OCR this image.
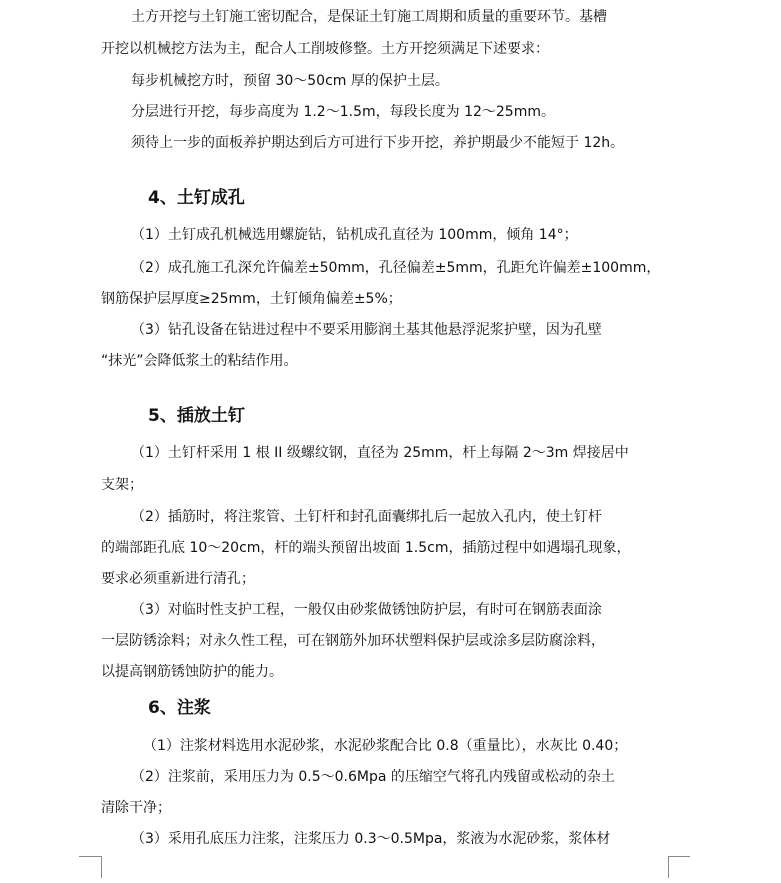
土方开挖与土钉施工密切配合，是保证土钉施工周期和质量的重要环节。基槽
开挖以机械挖方法为主，配合人工削坡修整。土方开挖须满足下述要求：
每步机械挖方时，预留 30～50cm 厚的保护土层。
分层进行开挖，每步高度为 1.2～1.5m，每段长度为 12～25mm。
须待上一步的面板养护期达到后方可进行下步开挖，养护期最少不能短于 12h。
4、土钉成孔
（1）土钉成孔机械选用螺旋钻，钻机成孔直径为 100mm，倾角 14°；
（2）成孔施工孔深允许偏差±50mm，孔径偏差±5mm，孔距允许偏差±100mm，
钢筋保护层厚度≥25mm，土钉倾角偏差±5%；
（3）钻孔设备在钻进过程中不要采用膨润土基其他悬浮泥浆护壁，因为孔壁
“抹光”会降低浆土的粘结作用。
5、插放土钉
（1）土钉杆采用 1 根 II 级螺纹钢，直径为 25mm，杆上每隔 2～3m 焊接居中
支架；
（2）插筋时，将注浆管、土钉杆和封孔面囊绑扎后一起放入孔内，使土钉杆
的端部距孔底 10～20cm，杆的端头预留出坡面 1.5cm，插筋过程中如遇塌孔现象，
要求必须重新进行清孔；
（3）对临时性支护工程，一般仅由砂浆做锈蚀防护层，有时可在钢筋表面涂
一层防锈涂料；对永久性工程，可在钢筋外加环状塑料保护层或涂多层防腐涂料，
以提高钢筋锈蚀防护的能力。
6、注浆
（1）注浆材料选用水泥砂浆，水泥砂浆配合比 0.8（重量比），水灰比 0.40；
（2）注浆前，采用压力为 0.5～0.6Mpa 的压缩空气将孔内残留或松动的杂土
清除干净；
（3）采用孔底压力注浆，注浆压力 0.3～0.5Mpa，浆液为水泥砂浆，浆体材
